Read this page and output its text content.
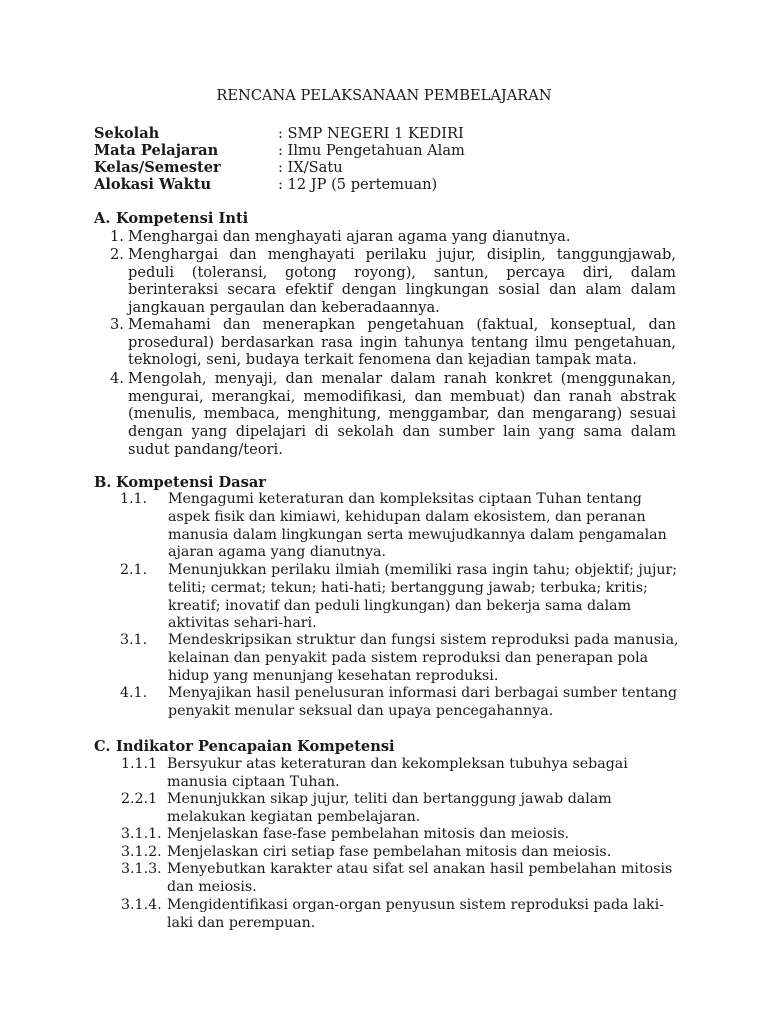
RENCANA PELAKSANAAN PEMBELAJARAN
Sekolah	: SMP NEGERI 1 KEDIRI
Mata Pelajaran	: Ilmu Pengetahuan Alam
Kelas/Semester	: IX/Satu
Alokasi Waktu	: 12 JP (5 pertemuan)
A. Kompetensi Inti
1. Menghargai dan menghayati ajaran agama yang dianutnya.
2. Menghargai dan menghayati perilaku jujur, disiplin, tanggungjawab, peduli (toleransi, gotong royong), santun, percaya diri, dalam berinteraksi secara efektif dengan lingkungan sosial dan alam dalam jangkauan pergaulan dan keberadaannya.
3. Memahami dan menerapkan pengetahuan (faktual, konseptual, dan prosedural) berdasarkan rasa ingin tahunya tentang ilmu pengetahuan, teknologi, seni, budaya terkait fenomena dan kejadian tampak mata.
4. Mengolah, menyaji, dan menalar dalam ranah konkret (menggunakan, mengurai, merangkai, memodifikasi, dan membuat) dan ranah abstrak (menulis, membaca, menghitung, menggambar, dan mengarang) sesuai dengan yang dipelajari di sekolah dan sumber lain yang sama dalam sudut pandang/teori.
B. Kompetensi Dasar
1.1. Mengagumi keteraturan dan kompleksitas ciptaan Tuhan tentang aspek fisik dan kimiawi, kehidupan dalam ekosistem, dan peranan manusia dalam lingkungan serta mewujudkannya dalam pengamalan ajaran agama yang dianutnya.
2.1. Menunjukkan perilaku ilmiah (memiliki rasa ingin tahu; objektif; jujur; teliti; cermat; tekun; hati-hati; bertanggung jawab; terbuka; kritis; kreatif; inovatif dan peduli lingkungan) dan bekerja sama dalam aktivitas sehari-hari.
3.1. Mendeskripsikan struktur dan fungsi sistem reproduksi pada manusia, kelainan dan penyakit pada sistem reproduksi dan penerapan pola hidup yang menunjang kesehatan reproduksi.
4.1. Menyajikan hasil penelusuran informasi dari berbagai sumber tentang penyakit menular seksual dan upaya pencegahannya.
C. Indikator Pencapaian Kompetensi
1.1.1 Bersyukur atas keteraturan dan kekompleksan tubuhya sebagai manusia ciptaan Tuhan.
2.2.1 Menunjukkan sikap jujur, teliti dan bertanggung jawab dalam melakukan kegiatan pembelajaran.
3.1.1. Menjelaskan fase-fase pembelahan mitosis dan meiosis.
3.1.2. Menjelaskan ciri setiap fase pembelahan mitosis dan meiosis.
3.1.3. Menyebutkan karakter atau sifat sel anakan hasil pembelahan mitosis dan meiosis.
3.1.4. Mengidentifikasi organ-organ penyusun sistem reproduksi pada laki-laki dan perempuan.
